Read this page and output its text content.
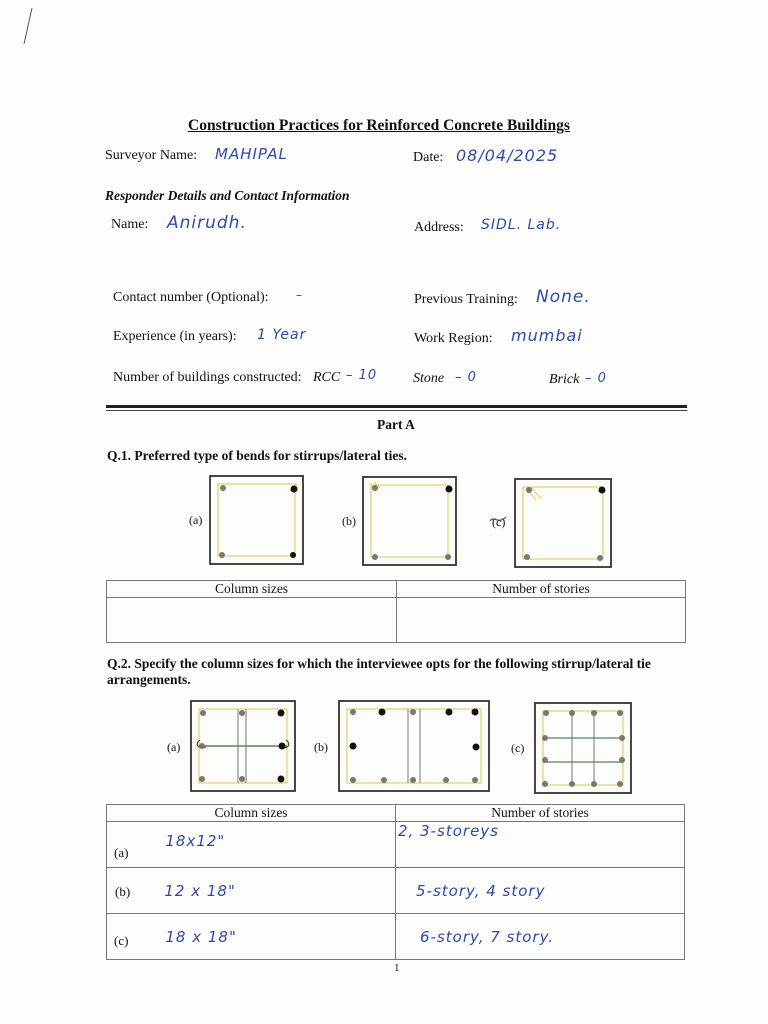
Construction Practices for Reinforced Concrete Buildings
Surveyor Name: MAHIPAL	Date: 08/04/2025
Responder Details and Contact Information
Name: Anirudh.	Address: SIDL. Lab.
Contact number (Optional): –	Previous Training: None.
Experience (in years): 1 Year	Work Region: mumbai
Number of buildings constructed: RCC – 10	Stone – 0	Brick – 0
Part A
Q.1. Preferred type of bends for stirrups/lateral ties.
(a)	(b)	(c)
Column sizes	Number of stories

Q.2. Specify the column sizes for which the interviewee opts for the following stirrup/lateral tie
arrangements.
(a)	(b)	(c)
Column sizes	Number of stories
(a) 18x12"	2, 3-storeys
(b) 12 x 18"	5-story, 4 story
(c) 18 x 18"	6-story, 7 story.
1
